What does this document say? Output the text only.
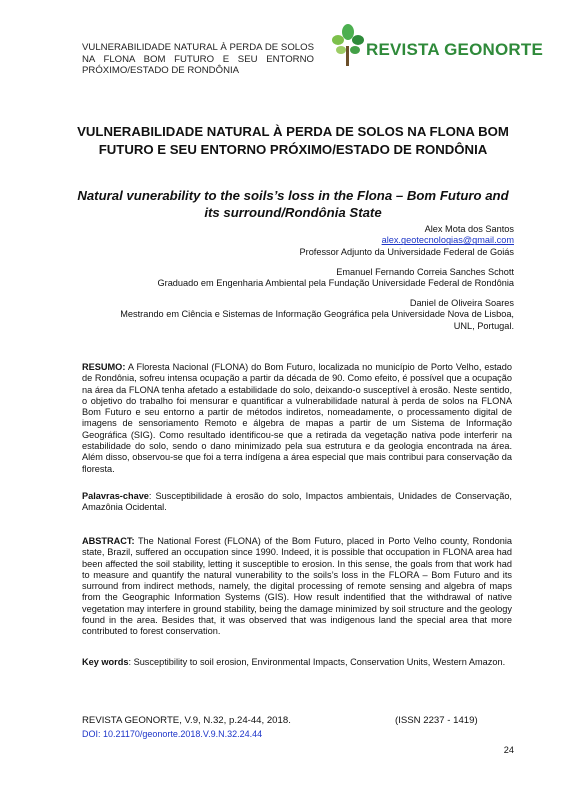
VULNERABILIDADE NATURAL À PERDA DE SOLOS NA FLONA BOM FUTURO E SEU ENTORNO PRÓXIMO/ESTADO DE RONDÔNIA
REVISTA GEONORTE
VULNERABILIDADE NATURAL À PERDA DE SOLOS NA FLONA BOM FUTURO E SEU ENTORNO PRÓXIMO/ESTADO DE RONDÔNIA
Natural vunerability to the soils’s loss in the Flona – Bom Futuro and its surround/Rondônia State
Alex Mota dos Santos
alex.geotecnologias@gmail.com
Professor Adjunto da Universidade Federal de Goiás
Emanuel Fernando Correia Sanches Schott
Graduado em Engenharia Ambiental pela Fundação Universidade Federal de Rondônia
Daniel de Oliveira Soares
Mestrando em Ciência e Sistemas de Informação Geográfica pela Universidade Nova de Lisboa,
UNL, Portugal.
RESUMO: A Floresta Nacional (FLONA) do Bom Futuro, localizada no município de Porto Velho, estado de Rondônia, sofreu intensa ocupação a partir da década de 90. Como efeito, é possível que a ocupação na área da FLONA tenha afetado a estabilidade do solo, deixando-o susceptível à erosão. Neste sentido, o objetivo do trabalho foi mensurar e quantificar a vulnerabilidade natural à perda de solos na FLONA Bom Futuro e seu entorno a partir de métodos indiretos, nomeadamente, o processamento digital de imagens de sensoriamento Remoto e álgebra de mapas a partir de um Sistema de Informação Geográfica (SIG). Como resultado identificou-se que a retirada da vegetação nativa pode interferir na estabilidade do solo, sendo o dano minimizado pela sua estrutura e da geologia encontrada na área. Além disso, observou-se que foi a terra indígena a área especial que mais contribui para conservação da floresta.
Palavras-chave: Susceptibilidade à erosão do solo, Impactos ambientais, Unidades de Conservação, Amazônia Ocidental.
ABSTRACT: The National Forest (FLONA) of the Bom Futuro, placed in Porto Velho county, Rondonia state, Brazil, suffered an occupation since 1990. Indeed, it is possible that occupation in FLONA area had been affected the soil stability, letting it susceptible to erosion. In this sense, the goals from that work had to measure and quantify the natural vunerability to the soils’s loss in the FLORA – Bom Futuro and its surround from indirect methods, namely, the digital processing of remote sensing and algebra of maps from the Geographic Information Systems (GIS). How result indentified that the withdrawal of native vegetation may interfere in ground stability, being the damage minimized by soil structure and the geology found in the area. Besides that, it was observed that was indigenous land the special area that more contributed to forest conservation.
Key words: Susceptibility to soil erosion, Environmental Impacts, Conservation Units, Western Amazon.
REVISTA GEONORTE, V.9, N.32, p.24-44, 2018.	(ISSN 2237 - 1419)
DOI: 10.21170/geonorte.2018.V.9.N.32.24.44
24
